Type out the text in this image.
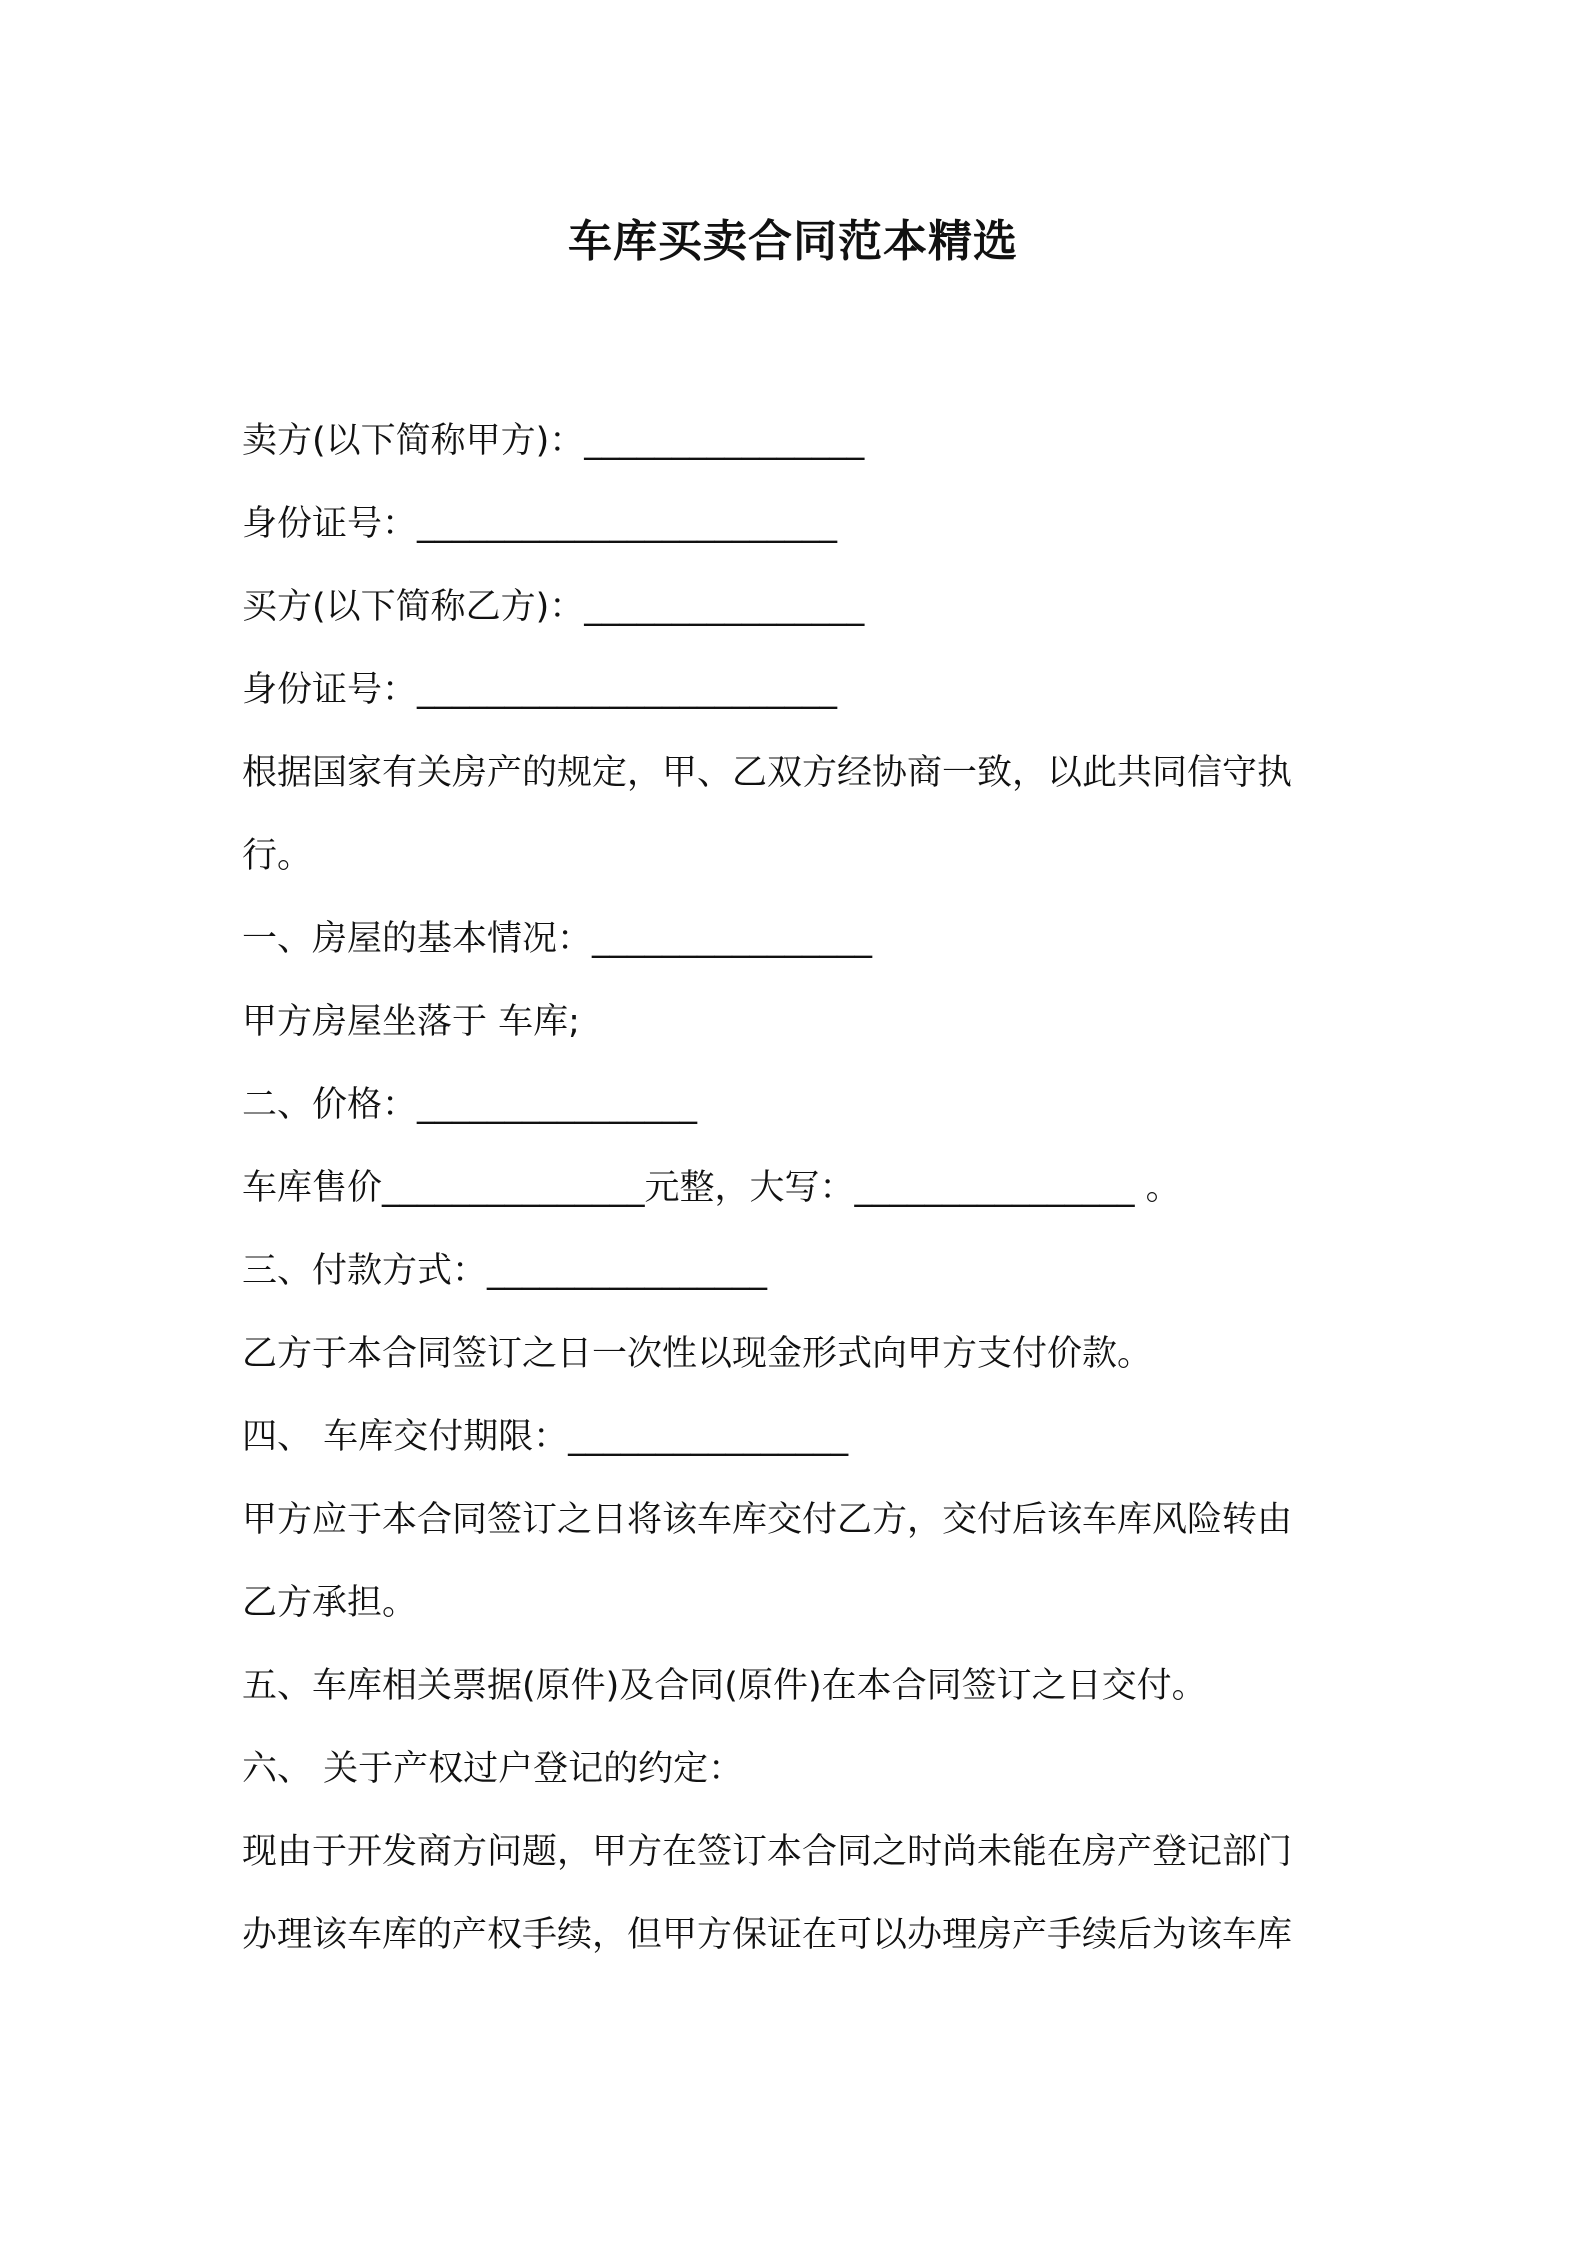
车库买卖合同范本精选
卖方(以下简称甲方)：________________
身份证号：________________________
买方(以下简称乙方)：________________
身份证号：________________________
根据国家有关房产的规定，甲、乙双方经协商一致，以此共同信守执
行。
一、房屋的基本情况：________________
甲方房屋坐落于 车库;
二、价格：________________
车库售价_______________元整，大写：________________ 。
三、付款方式：________________
乙方于本合同签订之日一次性以现金形式向甲方支付价款。
四、 车库交付期限：________________
甲方应于本合同签订之日将该车库交付乙方，交付后该车库风险转由
乙方承担。
五、车库相关票据(原件)及合同(原件)在本合同签订之日交付。
六、 关于产权过户登记的约定：
现由于开发商方问题，甲方在签订本合同之时尚未能在房产登记部门
办理该车库的产权手续，但甲方保证在可以办理房产手续后为该车库
